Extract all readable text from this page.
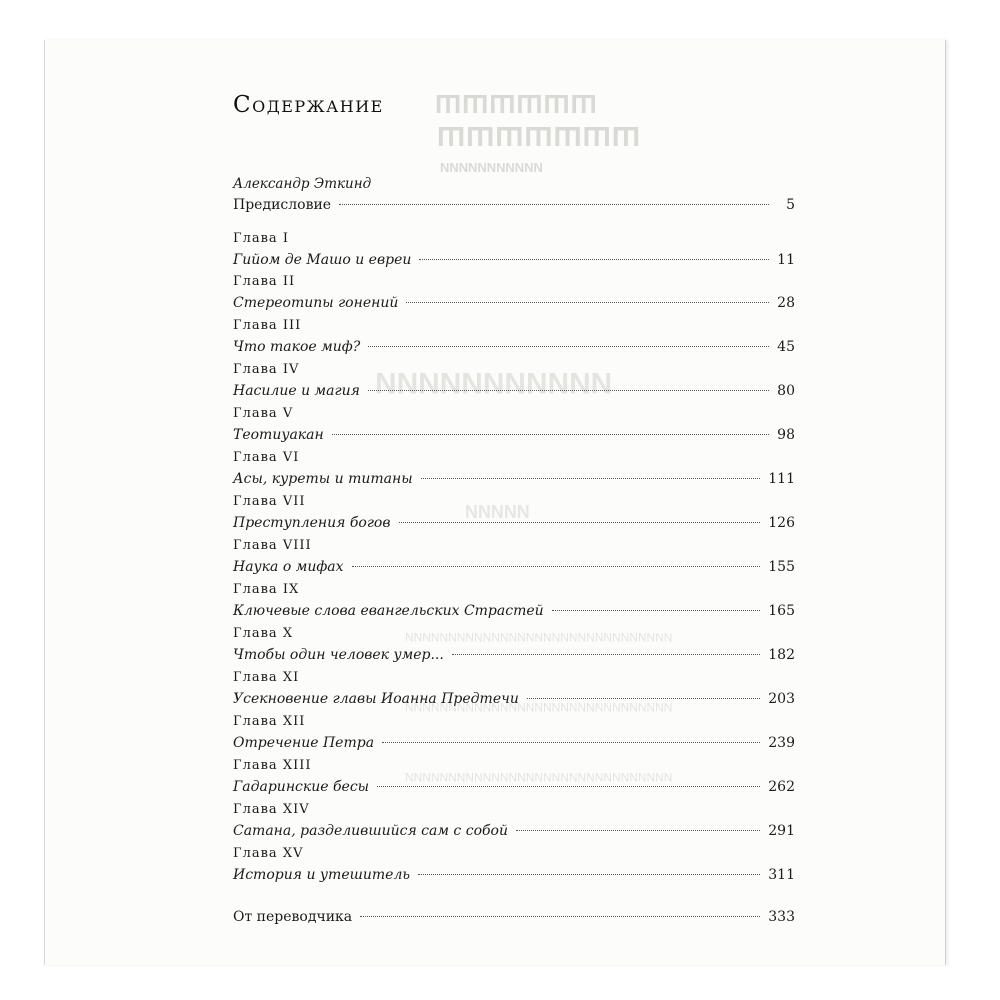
ШШШШШШ
ШШШШШШШ
ИИИИИИИИИИИ
ИИИИИИИИИИИ
ИИИИИ
ИИИИИИИИИИИИИИИИИИИИИИИИИИИИИИИ
ИИИИИИИИИИИИИИИИИИИИИИИИИИИИИИИ
ИИИИИИИИИИИИИИИИИИИИИИИИИИИИИИИ
Содержание
Александр Эткинд
Предисловие	5
Глава I
Гийом де Машо и евреи	11
Глава II
Стереотипы гонений	28
Глава III
Что такое миф?	45
Глава IV
Насилие и магия	80
Глава V
Теотиуакан	98
Глава VI
Асы, куреты и титаны	111
Глава VII
Преступления богов	126
Глава VIII
Наука о мифах	155
Глава IX
Ключевые слова евангельских Страстей	165
Глава X
Чтобы один человек умер...	182
Глава XI
Усекновение главы Иоанна Предтечи	203
Глава XII
Отречение Петра	239
Глава XIII
Гадаринские бесы	262
Глава XIV
Сатана, разделившийся сам с собой	291
Глава XV
История и утешитель	311
От переводчика	333
